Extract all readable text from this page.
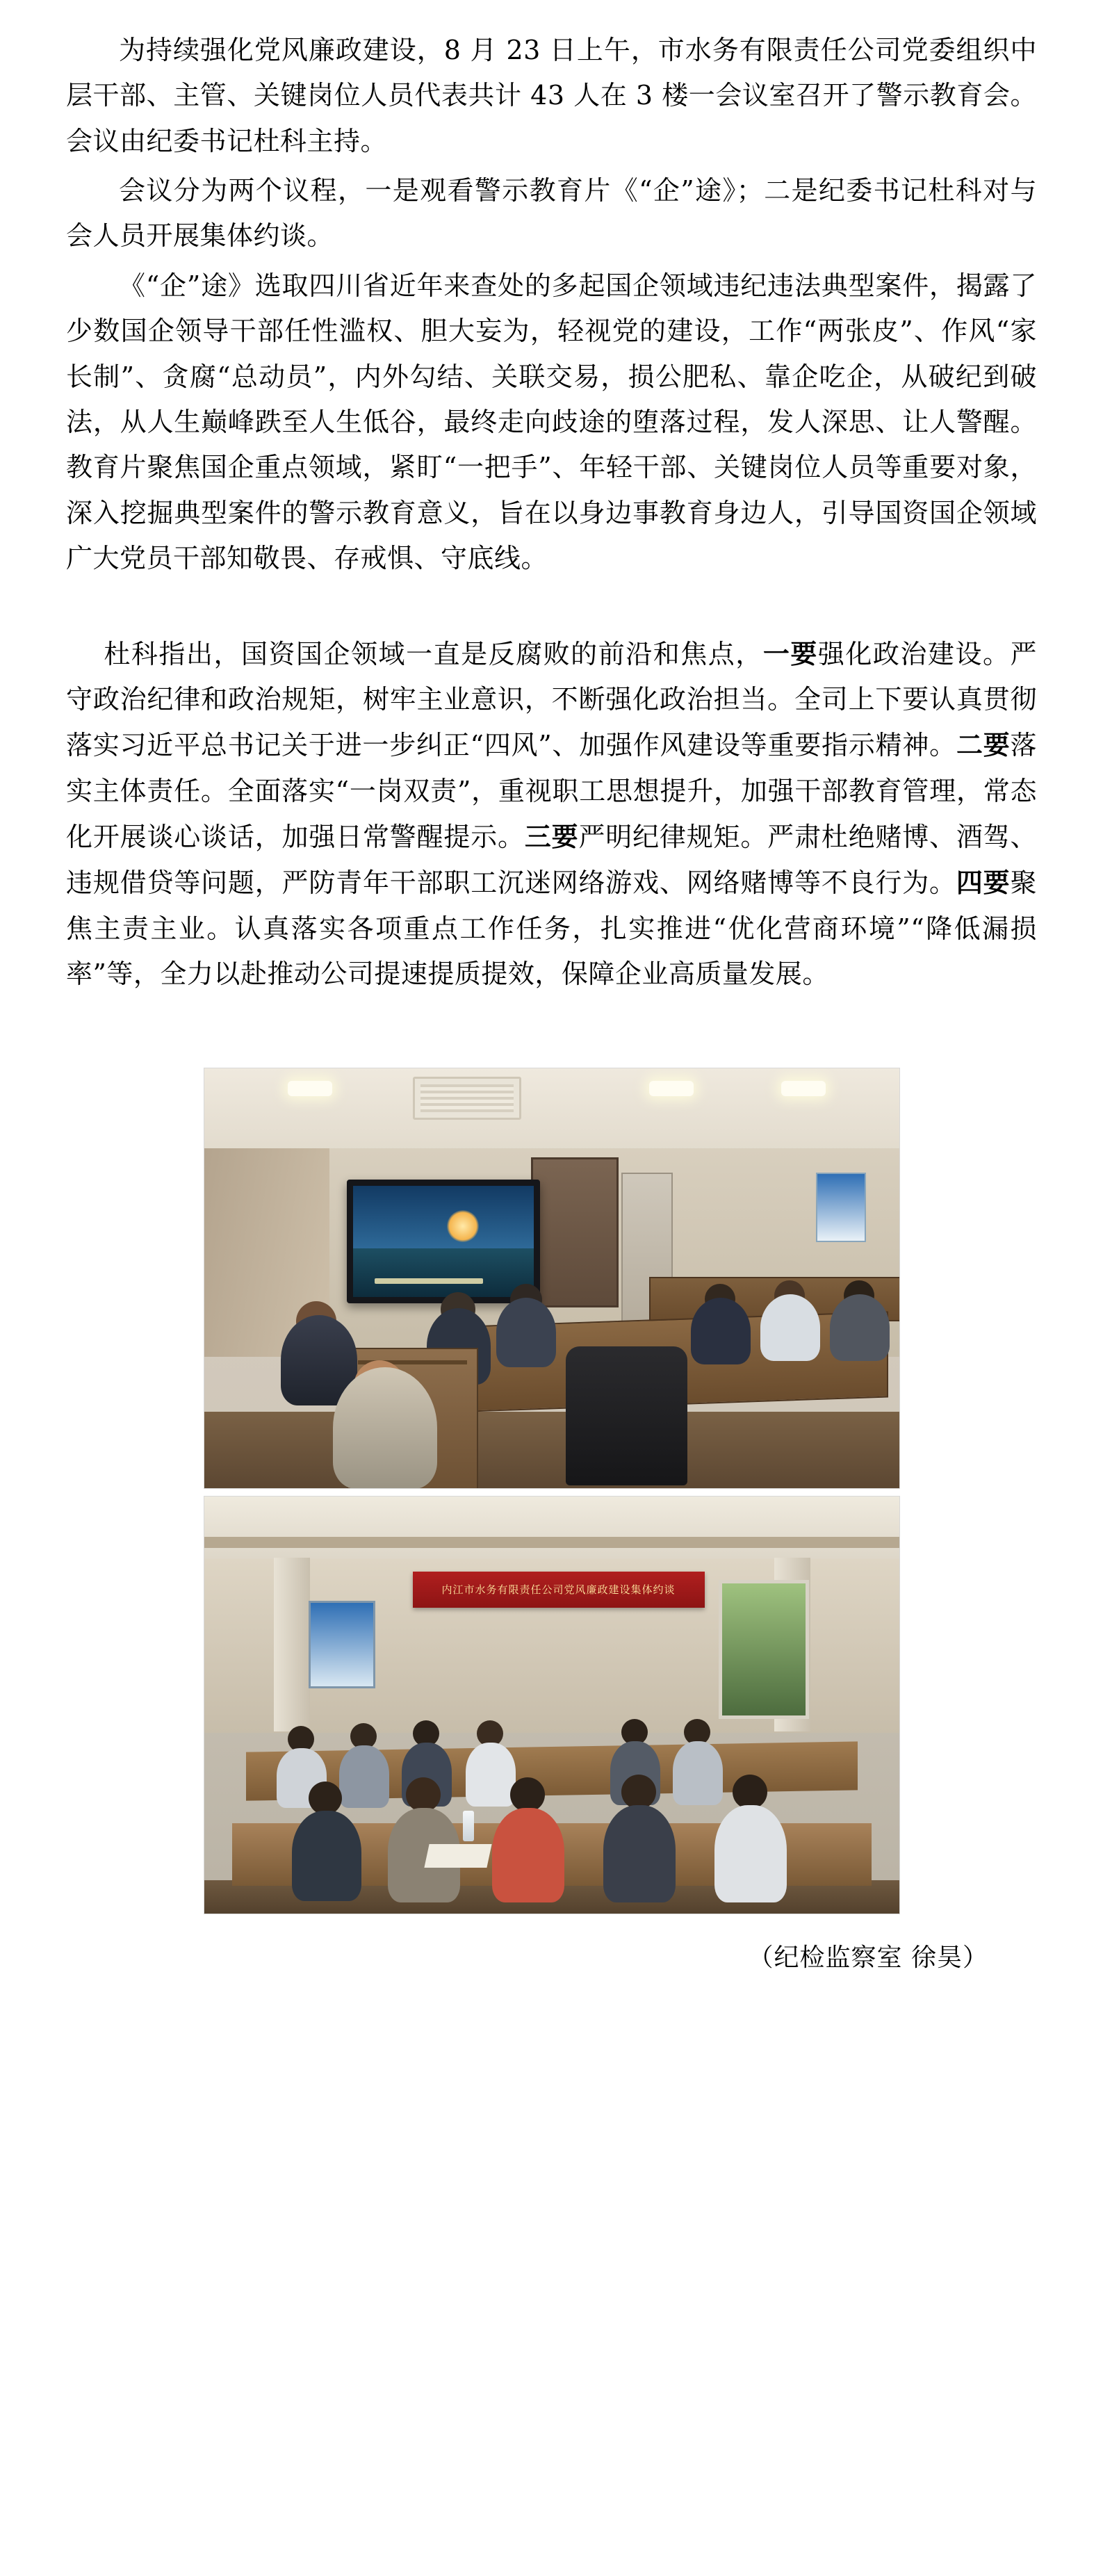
为持续强化党风廉政建设，8 月 23 日上午，市水务有限责任公司党委组织中层干部、主管、关键岗位人员代表共计 43 人在 3 楼一会议室召开了警示教育会。会议由纪委书记杜科主持。

会议分为两个议程，一是观看警示教育片《“企”途》；二是纪委书记杜科对与会人员开展集体约谈。

《“企”途》选取四川省近年来查处的多起国企领域违纪违法典型案件，揭露了少数国企领导干部任性滥权、胆大妄为，轻视党的建设，工作“两张皮”、作风“家长制”、贪腐“总动员”，内外勾结、关联交易，损公肥私、靠企吃企，从破纪到破法，从人生巅峰跌至人生低谷，最终走向歧途的堕落过程，发人深思、让人警醒。教育片聚焦国企重点领域，紧盯“一把手”、年轻干部、关键岗位人员等重要对象，深入挖掘典型案件的警示教育意义，旨在以身边事教育身边人，引导国资国企领域广大党员干部知敬畏、存戒惧、守底线。

杜科指出，国资国企领域一直是反腐败的前沿和焦点，一要强化政治建设。严守政治纪律和政治规矩，树牢主业意识，不断强化政治担当。全司上下要认真贯彻落实习近平总书记关于进一步纠正“四风”、加强作风建设等重要指示精神。二要落实主体责任。全面落实“一岗双责”，重视职工思想提升，加强干部教育管理，常态化开展谈心谈话，加强日常警醒提示。三要严明纪律规矩。严肃杜绝赌博、酒驾、违规借贷等问题，严防青年干部职工沉迷网络游戏、网络赌博等不良行为。四要聚焦主责主业。认真落实各项重点工作任务，扎实推进“优化营商环境”“降低漏损率”等，全力以赴推动公司提速提质提效，保障企业高质量发展。

内江市水务有限责任公司党风廉政建设集体约谈
（纪检监察室 徐昊）
